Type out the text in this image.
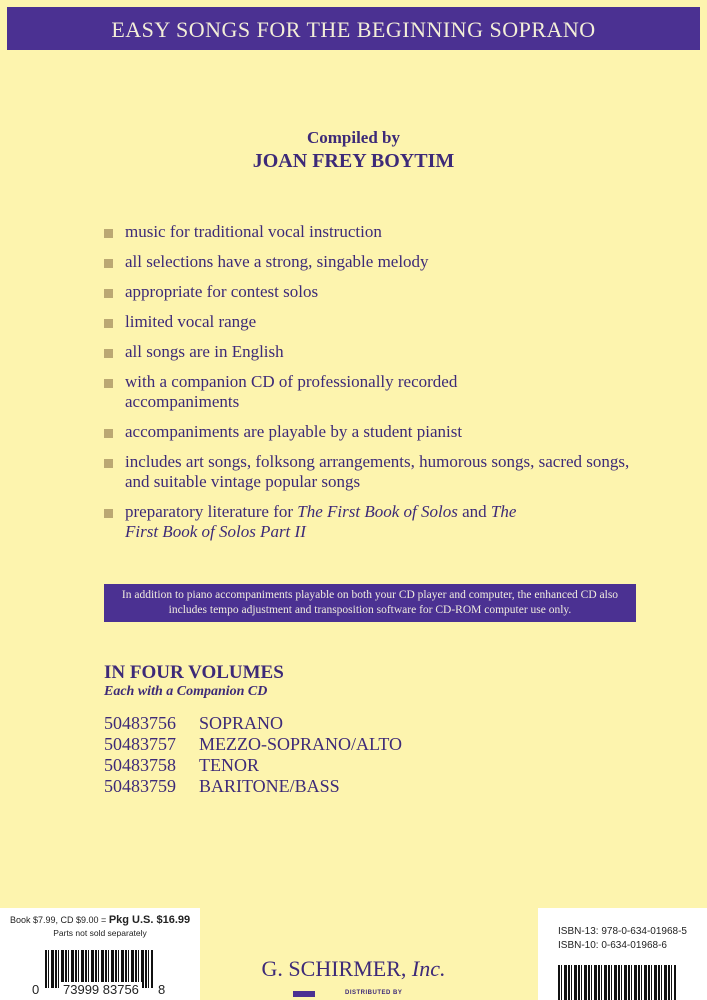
EASY SONGS FOR THE BEGINNING SOPRANO
Compiled by
JOAN FREY BOYTIM
music for traditional vocal instruction
all selections have a strong, singable melody
appropriate for contest solos
limited vocal range
all songs are in English
with a companion CD of professionally recorded accompaniments
accompaniments are playable by a student pianist
includes art songs, folksong arrangements, humorous songs, sacred songs, and suitable vintage popular songs
preparatory literature for The First Book of Solos and The First Book of Solos Part II
In addition to piano accompaniments playable on both your CD player and computer, the enhanced CD also includes tempo adjustment and transposition software for CD-ROM computer use only.
IN FOUR VOLUMES
Each with a Companion CD
50483756 SOPRANO
50483757 MEZZO-SOPRANO/ALTO
50483758 TENOR
50483759 BARITONE/BASS
Book $7.99, CD $9.00 = Pkg U.S. $16.99
Parts not sold separately
0 73999 83756 8
ISBN-13: 978-0-634-01968-5
ISBN-10: 0-634-01968-6
G. SCHIRMER, Inc.
DISTRIBUTED BY
